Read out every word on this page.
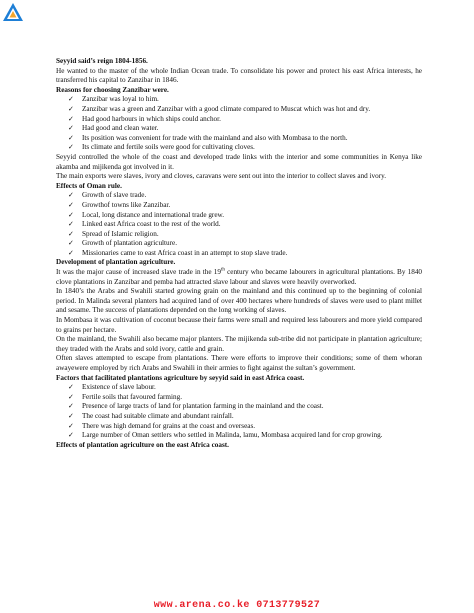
Seyyid said’s reign 1804-1856.

He wanted to the master of the whole Indian Ocean trade. To consolidate his power and protect his east Africa interests, he transferred his capital to Zanzibar in 1846.

Reasons for choosing Zanzibar were.

✓ Zanzibar was loyal to him.
✓ Zanzibar was a green and Zanzibar with a good climate compared to Muscat which was hot and dry.
✓ Had good harbours in which ships could anchor.
✓ Had good and clean water.
✓ Its position was convenient for trade with the mainland and also with Mombasa to the north.
✓ Its climate and fertile soils were good for cultivating cloves.

Seyyid controlled the whole of the coast and developed trade links with the interior and some communities in Kenya like akamba and mijikenda got involved in it.

The main exports were slaves, ivory and cloves, caravans were sent out into the interior to collect slaves and ivory.

Effects of Oman rule.

✓ Growth of slave trade.
✓ Growthof towns like Zanzibar.
✓ Local, long distance and international trade grew.
✓ Linked east Africa coast to the rest of the world.
✓ Spread of Islamic religion.
✓ Growth of plantation agriculture.
✓ Missionaries came to east Africa coast in an attempt to stop slave trade.

Development of plantation agriculture.

It was the major cause of increased slave trade in the 19th century who became labourers in agricultural plantations. By 1840 clove plantations in Zanzibar and pemba had attracted slave labour and slaves were heavily overworked.

In 1840’s the Arabs and Swahili started growing grain on the mainland and this continued up to the beginning of colonial period. In Malinda several planters had acquired land of over 400 hectares where hundreds of slaves were used to plant millet and sesame. The success of plantations depended on the long working of slaves.

In Mombasa it was cultivation of coconut because their farms were small and required less labourers and more yield compared to grains per hectare.

On the mainland, the Swahili also became major planters. The mijikenda sub-tribe did not participate in plantation agriculture; they traded with the Arabs and sold ivory, cattle and grain.

Often slaves attempted to escape from plantations. There were efforts to improve their conditions; some of them whoran awayewere employed by rich Arabs and Swahili in their armies to fight against the sultan’s government.

Factors that facilitated plantations agriculture by seyyid said in east Africa coast.

✓ Existence of slave labour.
✓ Fertile soils that favoured farming.
✓ Presence of large tracts of land for plantation farming in the mainland and the coast.
✓ The coast had suitable climate and abundant rainfall.
✓ There was high demand for grains at the coast and overseas.
✓ Large number of Oman settlers who settled in Malinda, lamu, Mombasa acquired land for crop growing.

Effects of plantation agriculture on the east Africa coast.

www.arena.co.ke 0713779527
